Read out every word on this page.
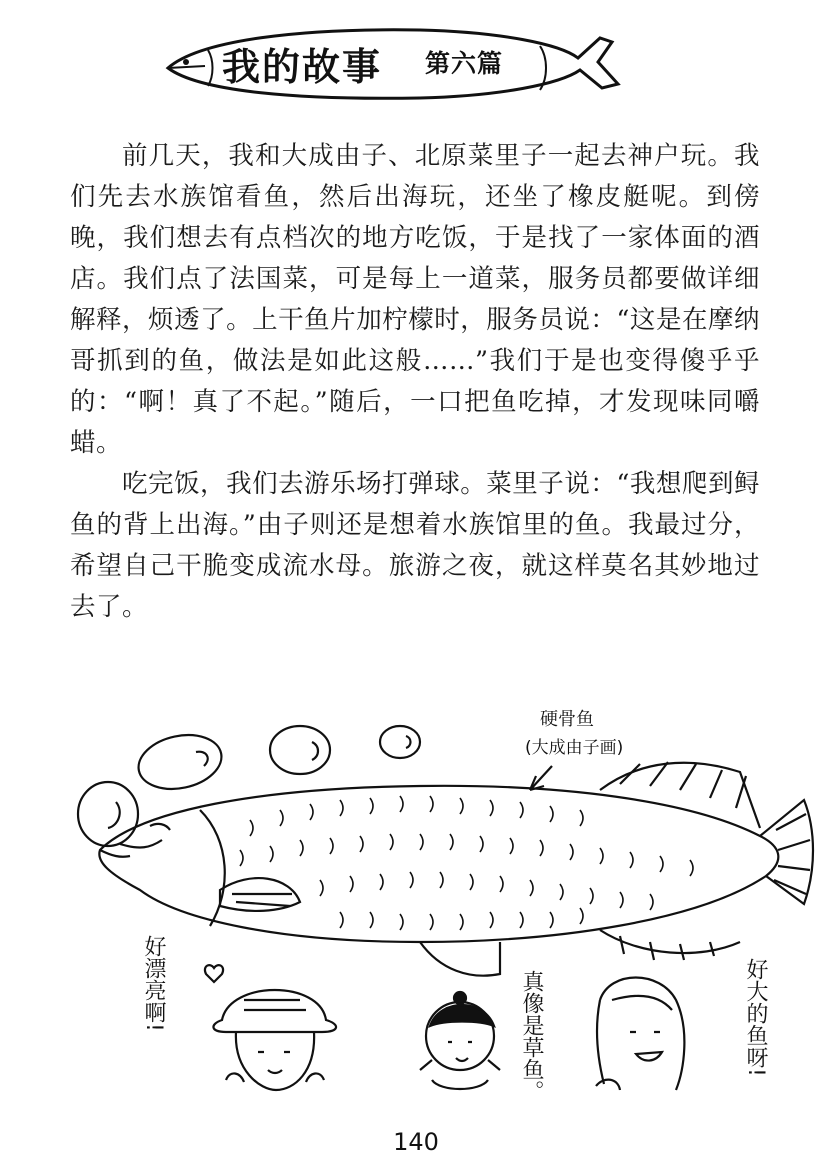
我的故事 第六篇

前几天，我和大成由子、北原菜里子一起去神户玩。我们先去水族馆看鱼，然后出海玩，还坐了橡皮艇呢。到傍晚，我们想去有点档次的地方吃饭，于是找了一家体面的酒店。我们点了法国菜，可是每上一道菜，服务员都要做详细解释，烦透了。上干鱼片加柠檬时，服务员说：“这是在摩纳哥抓到的鱼，做法是如此这般……”我们于是也变得傻乎乎的：“啊！真了不起。”随后，一口把鱼吃掉，才发现味同嚼蜡。

吃完饭，我们去游乐场打弹球。菜里子说：“我想爬到鲟鱼的背上出海。”由子则还是想着水族馆里的鱼。我最过分，希望自己干脆变成流水母。旅游之夜，就这样莫名其妙地过去了。

硬骨鱼
(大成由子画)
好漂亮啊!	真像是草鱼。	好大的鱼呀!
140
